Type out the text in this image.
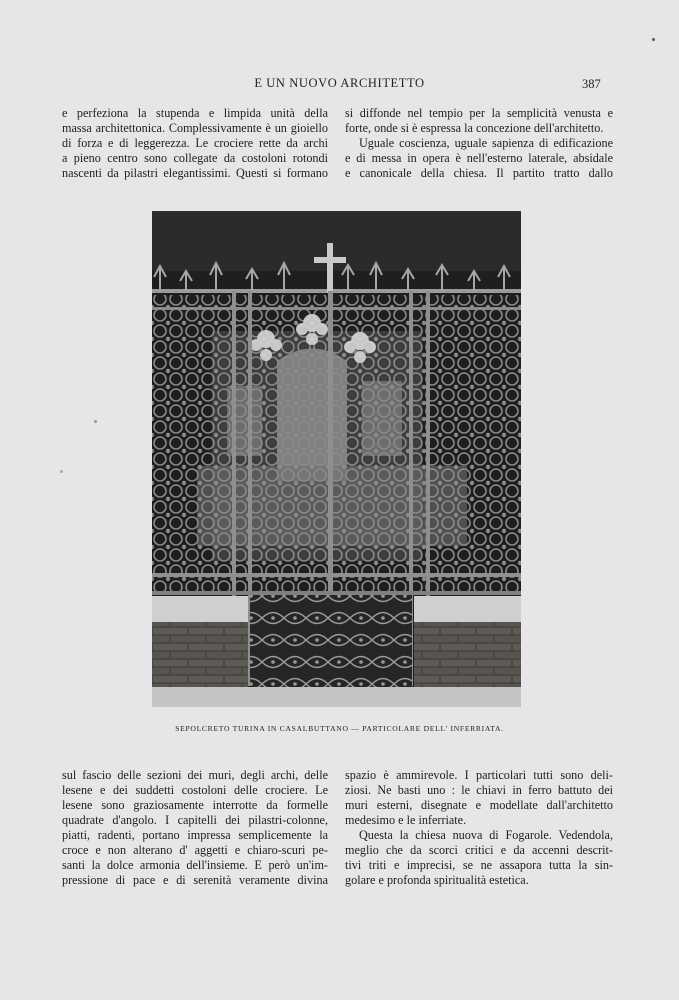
E UN NUOVO ARCHITETTO	387
e perfeziona la stupenda e limpida unità della
massa architettonica. Complessivamente è un gioiello
di forza e di leggerezza. Le crociere rette da archi
a pieno centro sono collegate da costoloni rotondi
nascenti da pilastri elegantissimi. Questi si formano
si diffonde nel tempio per la semplicità venusta e
forte, onde si è espressa la concezione dell'architetto.
Uguale coscienza, uguale sapienza di edificazione
e di messa in opera è nell'esterno laterale, absidale
e canonicale della chiesa. Il partito tratto dallo
SEPOLCRETO TURINA IN CASALBUTTANO — PARTICOLARE DELL' INFERRIATA.
sul fascio delle sezioni dei muri, degli archi, delle
lesene e dei suddetti costoloni delle crociere. Le
lesene sono graziosamente interrotte da formelle
quadrate d'angolo. I capitelli dei pilastri-colonne,
piatti, radenti, portano impressa semplicemente la
croce e non alterano d' aggetti e chiaro-scuri pe-
santi la dolce armonia dell'insieme. E però un'im-
pressione di pace e di serenità veramente divina
spazio è ammirevole. I particolari tutti sono deli-
ziosi. Ne basti uno : le chiavi in ferro battuto dei
muri esterni, disegnate e modellate dall'architetto
medesimo e le inferriate.
Questa la chiesa nuova di Fogarole. Vedendola,
meglio che da scorci critici e da accenni descrit-
tivi triti e imprecisi, se ne assapora tutta la sin-
golare e profonda spiritualità estetica.
